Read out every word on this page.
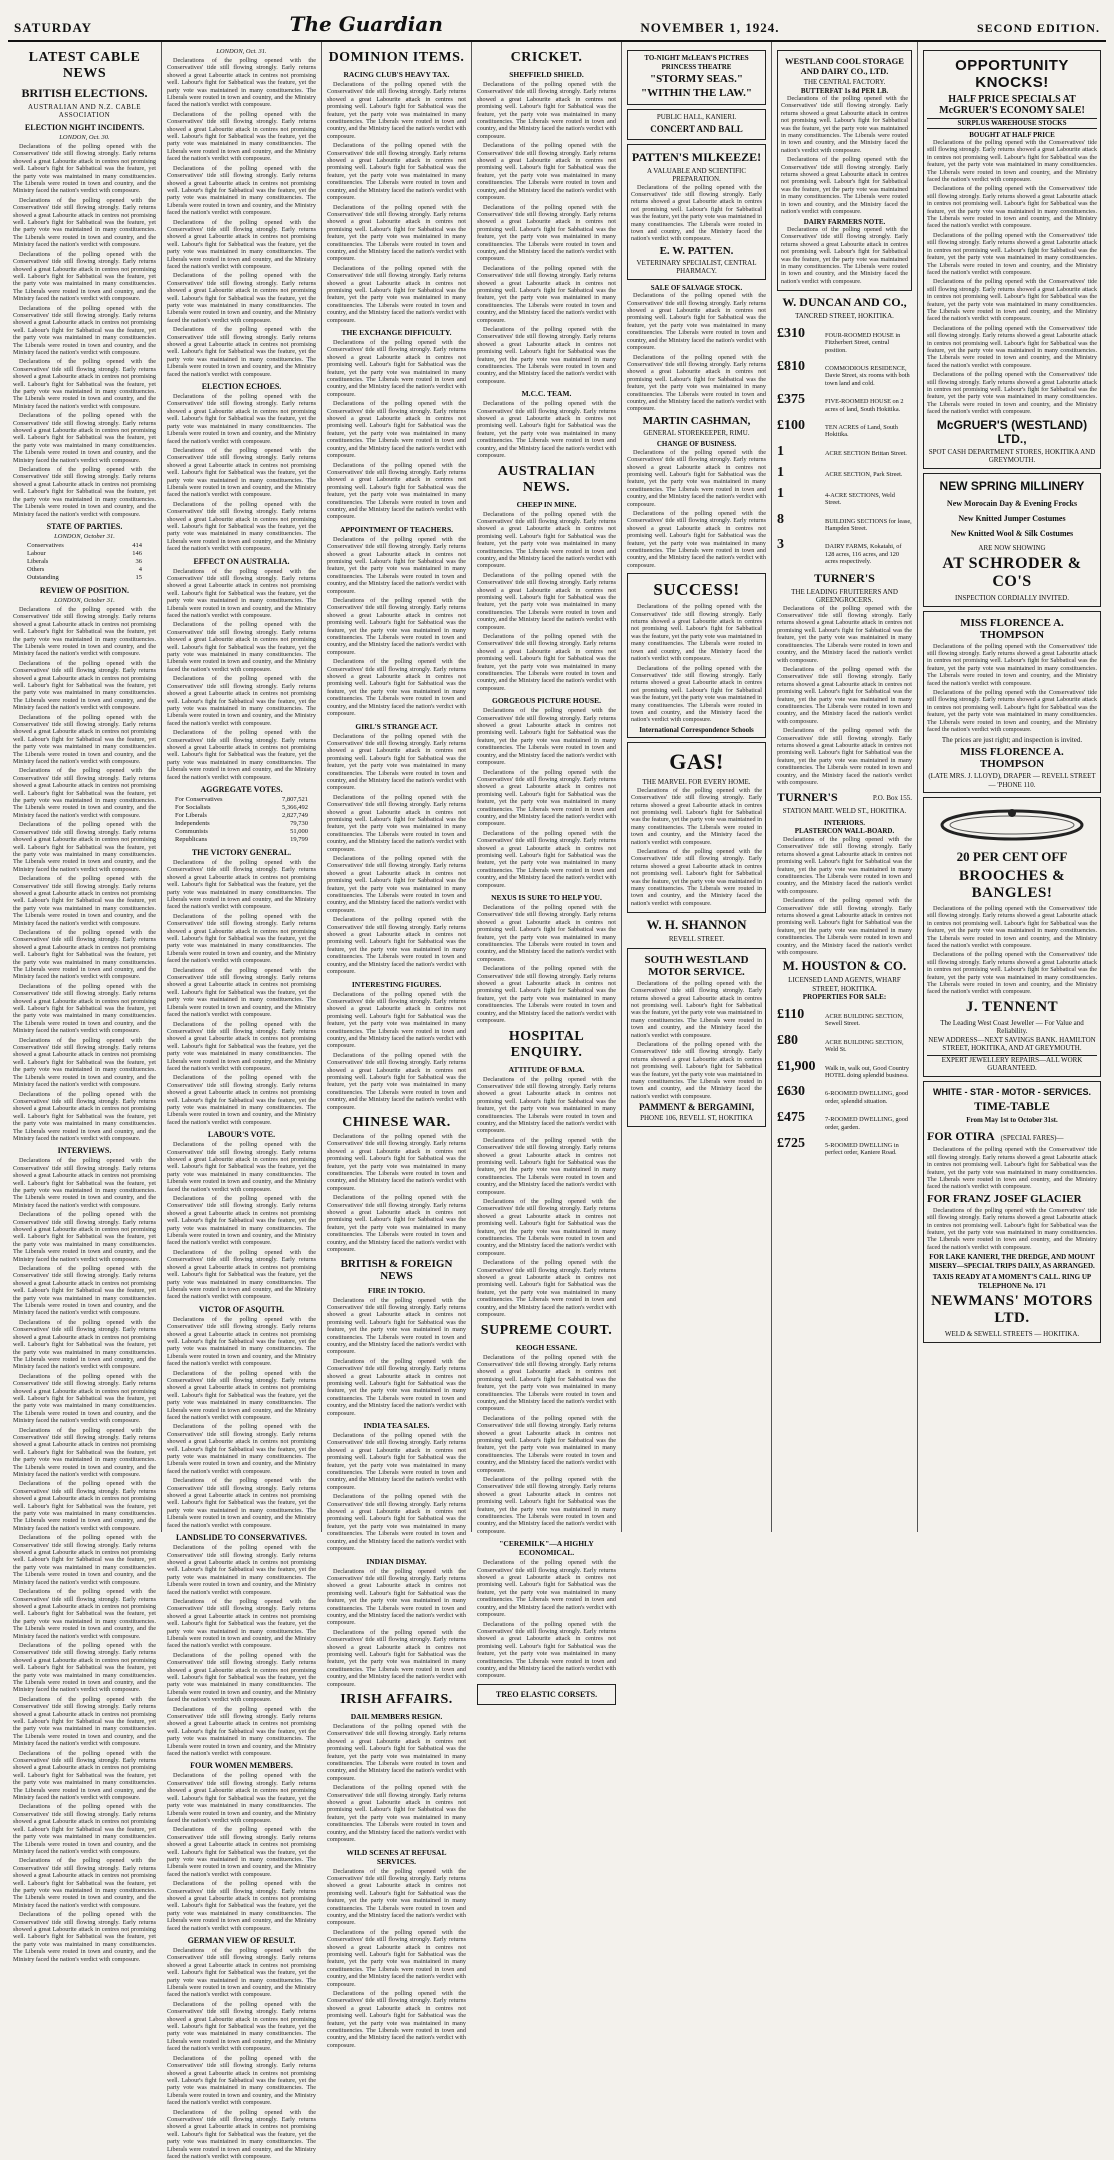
SATURDAY	The Guardian	NOVEMBER 1, 1924.	SECOND EDITION.
LATEST CABLE NEWS
BRITISH ELECTIONS.
AUSTRALIAN AND N.Z. CABLE ASSOCIATION
ELECTION NIGHT INCIDENTS.
LONDON, Oct. 30.

Declarations of the polling opened with the Conservatives' tide still flowing strongly. Early returns showed a great Labourite attack in centres not promising well. Labour's fight for Sabbatical was the feature, yet the party vote was maintained in many constituencies. The Liberals were routed in town and country, and the Ministry faced the nation's verdict with composure.

Declarations of the polling opened with the Conservatives' tide still flowing strongly. Early returns showed a great Labourite attack in centres not promising well. Labour's fight for Sabbatical was the feature, yet the party vote was maintained in many constituencies. The Liberals were routed in town and country, and the Ministry faced the nation's verdict with composure.

Declarations of the polling opened with the Conservatives' tide still flowing strongly. Early returns showed a great Labourite attack in centres not promising well. Labour's fight for Sabbatical was the feature, yet the party vote was maintained in many constituencies. The Liberals were routed in town and country, and the Ministry faced the nation's verdict with composure.

Declarations of the polling opened with the Conservatives' tide still flowing strongly. Early returns showed a great Labourite attack in centres not promising well. Labour's fight for Sabbatical was the feature, yet the party vote was maintained in many constituencies. The Liberals were routed in town and country, and the Ministry faced the nation's verdict with composure.

Declarations of the polling opened with the Conservatives' tide still flowing strongly. Early returns showed a great Labourite attack in centres not promising well. Labour's fight for Sabbatical was the feature, yet the party vote was maintained in many constituencies. The Liberals were routed in town and country, and the Ministry faced the nation's verdict with composure.

Declarations of the polling opened with the Conservatives' tide still flowing strongly. Early returns showed a great Labourite attack in centres not promising well. Labour's fight for Sabbatical was the feature, yet the party vote was maintained in many constituencies. The Liberals were routed in town and country, and the Ministry faced the nation's verdict with composure.

Declarations of the polling opened with the Conservatives' tide still flowing strongly. Early returns showed a great Labourite attack in centres not promising well. Labour's fight for Sabbatical was the feature, yet the party vote was maintained in many constituencies. The Liberals were routed in town and country, and the Ministry faced the nation's verdict with composure.

STATE OF PARTIES.
LONDON, October 31.
Conservatives	414
Labour	146
Liberals	36
Others	4
Outstanding	15
REVIEW OF POSITION.
LONDON, October 31.

Declarations of the polling opened with the Conservatives' tide still flowing strongly. Early returns showed a great Labourite attack in centres not promising well. Labour's fight for Sabbatical was the feature, yet the party vote was maintained in many constituencies. The Liberals were routed in town and country, and the Ministry faced the nation's verdict with composure.

Declarations of the polling opened with the Conservatives' tide still flowing strongly. Early returns showed a great Labourite attack in centres not promising well. Labour's fight for Sabbatical was the feature, yet the party vote was maintained in many constituencies. The Liberals were routed in town and country, and the Ministry faced the nation's verdict with composure.

Declarations of the polling opened with the Conservatives' tide still flowing strongly. Early returns showed a great Labourite attack in centres not promising well. Labour's fight for Sabbatical was the feature, yet the party vote was maintained in many constituencies. The Liberals were routed in town and country, and the Ministry faced the nation's verdict with composure.

Declarations of the polling opened with the Conservatives' tide still flowing strongly. Early returns showed a great Labourite attack in centres not promising well. Labour's fight for Sabbatical was the feature, yet the party vote was maintained in many constituencies. The Liberals were routed in town and country, and the Ministry faced the nation's verdict with composure.

Declarations of the polling opened with the Conservatives' tide still flowing strongly. Early returns showed a great Labourite attack in centres not promising well. Labour's fight for Sabbatical was the feature, yet the party vote was maintained in many constituencies. The Liberals were routed in town and country, and the Ministry faced the nation's verdict with composure.

Declarations of the polling opened with the Conservatives' tide still flowing strongly. Early returns showed a great Labourite attack in centres not promising well. Labour's fight for Sabbatical was the feature, yet the party vote was maintained in many constituencies. The Liberals were routed in town and country, and the Ministry faced the nation's verdict with composure.

Declarations of the polling opened with the Conservatives' tide still flowing strongly. Early returns showed a great Labourite attack in centres not promising well. Labour's fight for Sabbatical was the feature, yet the party vote was maintained in many constituencies. The Liberals were routed in town and country, and the Ministry faced the nation's verdict with composure.

Declarations of the polling opened with the Conservatives' tide still flowing strongly. Early returns showed a great Labourite attack in centres not promising well. Labour's fight for Sabbatical was the feature, yet the party vote was maintained in many constituencies. The Liberals were routed in town and country, and the Ministry faced the nation's verdict with composure.

Declarations of the polling opened with the Conservatives' tide still flowing strongly. Early returns showed a great Labourite attack in centres not promising well. Labour's fight for Sabbatical was the feature, yet the party vote was maintained in many constituencies. The Liberals were routed in town and country, and the Ministry faced the nation's verdict with composure.

Declarations of the polling opened with the Conservatives' tide still flowing strongly. Early returns showed a great Labourite attack in centres not promising well. Labour's fight for Sabbatical was the feature, yet the party vote was maintained in many constituencies. The Liberals were routed in town and country, and the Ministry faced the nation's verdict with composure.

INTERVIEWS.

Declarations of the polling opened with the Conservatives' tide still flowing strongly. Early returns showed a great Labourite attack in centres not promising well. Labour's fight for Sabbatical was the feature, yet the party vote was maintained in many constituencies. The Liberals were routed in town and country, and the Ministry faced the nation's verdict with composure.

Declarations of the polling opened with the Conservatives' tide still flowing strongly. Early returns showed a great Labourite attack in centres not promising well. Labour's fight for Sabbatical was the feature, yet the party vote was maintained in many constituencies. The Liberals were routed in town and country, and the Ministry faced the nation's verdict with composure.

Declarations of the polling opened with the Conservatives' tide still flowing strongly. Early returns showed a great Labourite attack in centres not promising well. Labour's fight for Sabbatical was the feature, yet the party vote was maintained in many constituencies. The Liberals were routed in town and country, and the Ministry faced the nation's verdict with composure.

Declarations of the polling opened with the Conservatives' tide still flowing strongly. Early returns showed a great Labourite attack in centres not promising well. Labour's fight for Sabbatical was the feature, yet the party vote was maintained in many constituencies. The Liberals were routed in town and country, and the Ministry faced the nation's verdict with composure.

Declarations of the polling opened with the Conservatives' tide still flowing strongly. Early returns showed a great Labourite attack in centres not promising well. Labour's fight for Sabbatical was the feature, yet the party vote was maintained in many constituencies. The Liberals were routed in town and country, and the Ministry faced the nation's verdict with composure.

Declarations of the polling opened with the Conservatives' tide still flowing strongly. Early returns showed a great Labourite attack in centres not promising well. Labour's fight for Sabbatical was the feature, yet the party vote was maintained in many constituencies. The Liberals were routed in town and country, and the Ministry faced the nation's verdict with composure.

Declarations of the polling opened with the Conservatives' tide still flowing strongly. Early returns showed a great Labourite attack in centres not promising well. Labour's fight for Sabbatical was the feature, yet the party vote was maintained in many constituencies. The Liberals were routed in town and country, and the Ministry faced the nation's verdict with composure.

Declarations of the polling opened with the Conservatives' tide still flowing strongly. Early returns showed a great Labourite attack in centres not promising well. Labour's fight for Sabbatical was the feature, yet the party vote was maintained in many constituencies. The Liberals were routed in town and country, and the Ministry faced the nation's verdict with composure.

Declarations of the polling opened with the Conservatives' tide still flowing strongly. Early returns showed a great Labourite attack in centres not promising well. Labour's fight for Sabbatical was the feature, yet the party vote was maintained in many constituencies. The Liberals were routed in town and country, and the Ministry faced the nation's verdict with composure.

Declarations of the polling opened with the Conservatives' tide still flowing strongly. Early returns showed a great Labourite attack in centres not promising well. Labour's fight for Sabbatical was the feature, yet the party vote was maintained in many constituencies. The Liberals were routed in town and country, and the Ministry faced the nation's verdict with composure.

Declarations of the polling opened with the Conservatives' tide still flowing strongly. Early returns showed a great Labourite attack in centres not promising well. Labour's fight for Sabbatical was the feature, yet the party vote was maintained in many constituencies. The Liberals were routed in town and country, and the Ministry faced the nation's verdict with composure.

Declarations of the polling opened with the Conservatives' tide still flowing strongly. Early returns showed a great Labourite attack in centres not promising well. Labour's fight for Sabbatical was the feature, yet the party vote was maintained in many constituencies. The Liberals were routed in town and country, and the Ministry faced the nation's verdict with composure.

Declarations of the polling opened with the Conservatives' tide still flowing strongly. Early returns showed a great Labourite attack in centres not promising well. Labour's fight for Sabbatical was the feature, yet the party vote was maintained in many constituencies. The Liberals were routed in town and country, and the Ministry faced the nation's verdict with composure.

Declarations of the polling opened with the Conservatives' tide still flowing strongly. Early returns showed a great Labourite attack in centres not promising well. Labour's fight for Sabbatical was the feature, yet the party vote was maintained in many constituencies. The Liberals were routed in town and country, and the Ministry faced the nation's verdict with composure.

Declarations of the polling opened with the Conservatives' tide still flowing strongly. Early returns showed a great Labourite attack in centres not promising well. Labour's fight for Sabbatical was the feature, yet the party vote was maintained in many constituencies. The Liberals were routed in town and country, and the Ministry faced the nation's verdict with composure.

LONDON, Oct. 31.

Declarations of the polling opened with the Conservatives' tide still flowing strongly. Early returns showed a great Labourite attack in centres not promising well. Labour's fight for Sabbatical was the feature, yet the party vote was maintained in many constituencies. The Liberals were routed in town and country, and the Ministry faced the nation's verdict with composure.

Declarations of the polling opened with the Conservatives' tide still flowing strongly. Early returns showed a great Labourite attack in centres not promising well. Labour's fight for Sabbatical was the feature, yet the party vote was maintained in many constituencies. The Liberals were routed in town and country, and the Ministry faced the nation's verdict with composure.

Declarations of the polling opened with the Conservatives' tide still flowing strongly. Early returns showed a great Labourite attack in centres not promising well. Labour's fight for Sabbatical was the feature, yet the party vote was maintained in many constituencies. The Liberals were routed in town and country, and the Ministry faced the nation's verdict with composure.

Declarations of the polling opened with the Conservatives' tide still flowing strongly. Early returns showed a great Labourite attack in centres not promising well. Labour's fight for Sabbatical was the feature, yet the party vote was maintained in many constituencies. The Liberals were routed in town and country, and the Ministry faced the nation's verdict with composure.

Declarations of the polling opened with the Conservatives' tide still flowing strongly. Early returns showed a great Labourite attack in centres not promising well. Labour's fight for Sabbatical was the feature, yet the party vote was maintained in many constituencies. The Liberals were routed in town and country, and the Ministry faced the nation's verdict with composure.

Declarations of the polling opened with the Conservatives' tide still flowing strongly. Early returns showed a great Labourite attack in centres not promising well. Labour's fight for Sabbatical was the feature, yet the party vote was maintained in many constituencies. The Liberals were routed in town and country, and the Ministry faced the nation's verdict with composure.

ELECTION ECHOES.

Declarations of the polling opened with the Conservatives' tide still flowing strongly. Early returns showed a great Labourite attack in centres not promising well. Labour's fight for Sabbatical was the feature, yet the party vote was maintained in many constituencies. The Liberals were routed in town and country, and the Ministry faced the nation's verdict with composure.

Declarations of the polling opened with the Conservatives' tide still flowing strongly. Early returns showed a great Labourite attack in centres not promising well. Labour's fight for Sabbatical was the feature, yet the party vote was maintained in many constituencies. The Liberals were routed in town and country, and the Ministry faced the nation's verdict with composure.

Declarations of the polling opened with the Conservatives' tide still flowing strongly. Early returns showed a great Labourite attack in centres not promising well. Labour's fight for Sabbatical was the feature, yet the party vote was maintained in many constituencies. The Liberals were routed in town and country, and the Ministry faced the nation's verdict with composure.

EFFECT ON AUSTRALIA.

Declarations of the polling opened with the Conservatives' tide still flowing strongly. Early returns showed a great Labourite attack in centres not promising well. Labour's fight for Sabbatical was the feature, yet the party vote was maintained in many constituencies. The Liberals were routed in town and country, and the Ministry faced the nation's verdict with composure.

Declarations of the polling opened with the Conservatives' tide still flowing strongly. Early returns showed a great Labourite attack in centres not promising well. Labour's fight for Sabbatical was the feature, yet the party vote was maintained in many constituencies. The Liberals were routed in town and country, and the Ministry faced the nation's verdict with composure.

Declarations of the polling opened with the Conservatives' tide still flowing strongly. Early returns showed a great Labourite attack in centres not promising well. Labour's fight for Sabbatical was the feature, yet the party vote was maintained in many constituencies. The Liberals were routed in town and country, and the Ministry faced the nation's verdict with composure.

Declarations of the polling opened with the Conservatives' tide still flowing strongly. Early returns showed a great Labourite attack in centres not promising well. Labour's fight for Sabbatical was the feature, yet the party vote was maintained in many constituencies. The Liberals were routed in town and country, and the Ministry faced the nation's verdict with composure.

AGGREGATE VOTES.
For Conservatives	7,807,521
For Socialists	5,366,492
For Liberals	2,827,749
Independents	79,730
Communists	51,000
Republicans	19,799
THE VICTORY GENERAL.

Declarations of the polling opened with the Conservatives' tide still flowing strongly. Early returns showed a great Labourite attack in centres not promising well. Labour's fight for Sabbatical was the feature, yet the party vote was maintained in many constituencies. The Liberals were routed in town and country, and the Ministry faced the nation's verdict with composure.

Declarations of the polling opened with the Conservatives' tide still flowing strongly. Early returns showed a great Labourite attack in centres not promising well. Labour's fight for Sabbatical was the feature, yet the party vote was maintained in many constituencies. The Liberals were routed in town and country, and the Ministry faced the nation's verdict with composure.

Declarations of the polling opened with the Conservatives' tide still flowing strongly. Early returns showed a great Labourite attack in centres not promising well. Labour's fight for Sabbatical was the feature, yet the party vote was maintained in many constituencies. The Liberals were routed in town and country, and the Ministry faced the nation's verdict with composure.

Declarations of the polling opened with the Conservatives' tide still flowing strongly. Early returns showed a great Labourite attack in centres not promising well. Labour's fight for Sabbatical was the feature, yet the party vote was maintained in many constituencies. The Liberals were routed in town and country, and the Ministry faced the nation's verdict with composure.

Declarations of the polling opened with the Conservatives' tide still flowing strongly. Early returns showed a great Labourite attack in centres not promising well. Labour's fight for Sabbatical was the feature, yet the party vote was maintained in many constituencies. The Liberals were routed in town and country, and the Ministry faced the nation's verdict with composure.

LABOUR'S VOTE.

Declarations of the polling opened with the Conservatives' tide still flowing strongly. Early returns showed a great Labourite attack in centres not promising well. Labour's fight for Sabbatical was the feature, yet the party vote was maintained in many constituencies. The Liberals were routed in town and country, and the Ministry faced the nation's verdict with composure.

Declarations of the polling opened with the Conservatives' tide still flowing strongly. Early returns showed a great Labourite attack in centres not promising well. Labour's fight for Sabbatical was the feature, yet the party vote was maintained in many constituencies. The Liberals were routed in town and country, and the Ministry faced the nation's verdict with composure.

Declarations of the polling opened with the Conservatives' tide still flowing strongly. Early returns showed a great Labourite attack in centres not promising well. Labour's fight for Sabbatical was the feature, yet the party vote was maintained in many constituencies. The Liberals were routed in town and country, and the Ministry faced the nation's verdict with composure.

VICTOR OF ASQUITH.

Declarations of the polling opened with the Conservatives' tide still flowing strongly. Early returns showed a great Labourite attack in centres not promising well. Labour's fight for Sabbatical was the feature, yet the party vote was maintained in many constituencies. The Liberals were routed in town and country, and the Ministry faced the nation's verdict with composure.

Declarations of the polling opened with the Conservatives' tide still flowing strongly. Early returns showed a great Labourite attack in centres not promising well. Labour's fight for Sabbatical was the feature, yet the party vote was maintained in many constituencies. The Liberals were routed in town and country, and the Ministry faced the nation's verdict with composure.

Declarations of the polling opened with the Conservatives' tide still flowing strongly. Early returns showed a great Labourite attack in centres not promising well. Labour's fight for Sabbatical was the feature, yet the party vote was maintained in many constituencies. The Liberals were routed in town and country, and the Ministry faced the nation's verdict with composure.

Declarations of the polling opened with the Conservatives' tide still flowing strongly. Early returns showed a great Labourite attack in centres not promising well. Labour's fight for Sabbatical was the feature, yet the party vote was maintained in many constituencies. The Liberals were routed in town and country, and the Ministry faced the nation's verdict with composure.

LANDSLIDE TO CONSERVATIVES.

Declarations of the polling opened with the Conservatives' tide still flowing strongly. Early returns showed a great Labourite attack in centres not promising well. Labour's fight for Sabbatical was the feature, yet the party vote was maintained in many constituencies. The Liberals were routed in town and country, and the Ministry faced the nation's verdict with composure.

Declarations of the polling opened with the Conservatives' tide still flowing strongly. Early returns showed a great Labourite attack in centres not promising well. Labour's fight for Sabbatical was the feature, yet the party vote was maintained in many constituencies. The Liberals were routed in town and country, and the Ministry faced the nation's verdict with composure.

Declarations of the polling opened with the Conservatives' tide still flowing strongly. Early returns showed a great Labourite attack in centres not promising well. Labour's fight for Sabbatical was the feature, yet the party vote was maintained in many constituencies. The Liberals were routed in town and country, and the Ministry faced the nation's verdict with composure.

Declarations of the polling opened with the Conservatives' tide still flowing strongly. Early returns showed a great Labourite attack in centres not promising well. Labour's fight for Sabbatical was the feature, yet the party vote was maintained in many constituencies. The Liberals were routed in town and country, and the Ministry faced the nation's verdict with composure.

FOUR WOMEN MEMBERS.

Declarations of the polling opened with the Conservatives' tide still flowing strongly. Early returns showed a great Labourite attack in centres not promising well. Labour's fight for Sabbatical was the feature, yet the party vote was maintained in many constituencies. The Liberals were routed in town and country, and the Ministry faced the nation's verdict with composure.

Declarations of the polling opened with the Conservatives' tide still flowing strongly. Early returns showed a great Labourite attack in centres not promising well. Labour's fight for Sabbatical was the feature, yet the party vote was maintained in many constituencies. The Liberals were routed in town and country, and the Ministry faced the nation's verdict with composure.

Declarations of the polling opened with the Conservatives' tide still flowing strongly. Early returns showed a great Labourite attack in centres not promising well. Labour's fight for Sabbatical was the feature, yet the party vote was maintained in many constituencies. The Liberals were routed in town and country, and the Ministry faced the nation's verdict with composure.

GERMAN VIEW OF RESULT.

Declarations of the polling opened with the Conservatives' tide still flowing strongly. Early returns showed a great Labourite attack in centres not promising well. Labour's fight for Sabbatical was the feature, yet the party vote was maintained in many constituencies. The Liberals were routed in town and country, and the Ministry faced the nation's verdict with composure.

Declarations of the polling opened with the Conservatives' tide still flowing strongly. Early returns showed a great Labourite attack in centres not promising well. Labour's fight for Sabbatical was the feature, yet the party vote was maintained in many constituencies. The Liberals were routed in town and country, and the Ministry faced the nation's verdict with composure.

Declarations of the polling opened with the Conservatives' tide still flowing strongly. Early returns showed a great Labourite attack in centres not promising well. Labour's fight for Sabbatical was the feature, yet the party vote was maintained in many constituencies. The Liberals were routed in town and country, and the Ministry faced the nation's verdict with composure.

Declarations of the polling opened with the Conservatives' tide still flowing strongly. Early returns showed a great Labourite attack in centres not promising well. Labour's fight for Sabbatical was the feature, yet the party vote was maintained in many constituencies. The Liberals were routed in town and country, and the Ministry faced the nation's verdict with composure.

DOMINION ITEMS.
RACING CLUB'S HEAVY TAX.

Declarations of the polling opened with the Conservatives' tide still flowing strongly. Early returns showed a great Labourite attack in centres not promising well. Labour's fight for Sabbatical was the feature, yet the party vote was maintained in many constituencies. The Liberals were routed in town and country, and the Ministry faced the nation's verdict with composure.

Declarations of the polling opened with the Conservatives' tide still flowing strongly. Early returns showed a great Labourite attack in centres not promising well. Labour's fight for Sabbatical was the feature, yet the party vote was maintained in many constituencies. The Liberals were routed in town and country, and the Ministry faced the nation's verdict with composure.

Declarations of the polling opened with the Conservatives' tide still flowing strongly. Early returns showed a great Labourite attack in centres not promising well. Labour's fight for Sabbatical was the feature, yet the party vote was maintained in many constituencies. The Liberals were routed in town and country, and the Ministry faced the nation's verdict with composure.

Declarations of the polling opened with the Conservatives' tide still flowing strongly. Early returns showed a great Labourite attack in centres not promising well. Labour's fight for Sabbatical was the feature, yet the party vote was maintained in many constituencies. The Liberals were routed in town and country, and the Ministry faced the nation's verdict with composure.

THE EXCHANGE DIFFICULTY.

Declarations of the polling opened with the Conservatives' tide still flowing strongly. Early returns showed a great Labourite attack in centres not promising well. Labour's fight for Sabbatical was the feature, yet the party vote was maintained in many constituencies. The Liberals were routed in town and country, and the Ministry faced the nation's verdict with composure.

Declarations of the polling opened with the Conservatives' tide still flowing strongly. Early returns showed a great Labourite attack in centres not promising well. Labour's fight for Sabbatical was the feature, yet the party vote was maintained in many constituencies. The Liberals were routed in town and country, and the Ministry faced the nation's verdict with composure.

Declarations of the polling opened with the Conservatives' tide still flowing strongly. Early returns showed a great Labourite attack in centres not promising well. Labour's fight for Sabbatical was the feature, yet the party vote was maintained in many constituencies. The Liberals were routed in town and country, and the Ministry faced the nation's verdict with composure.

APPOINTMENT OF TEACHERS.

Declarations of the polling opened with the Conservatives' tide still flowing strongly. Early returns showed a great Labourite attack in centres not promising well. Labour's fight for Sabbatical was the feature, yet the party vote was maintained in many constituencies. The Liberals were routed in town and country, and the Ministry faced the nation's verdict with composure.

Declarations of the polling opened with the Conservatives' tide still flowing strongly. Early returns showed a great Labourite attack in centres not promising well. Labour's fight for Sabbatical was the feature, yet the party vote was maintained in many constituencies. The Liberals were routed in town and country, and the Ministry faced the nation's verdict with composure.

Declarations of the polling opened with the Conservatives' tide still flowing strongly. Early returns showed a great Labourite attack in centres not promising well. Labour's fight for Sabbatical was the feature, yet the party vote was maintained in many constituencies. The Liberals were routed in town and country, and the Ministry faced the nation's verdict with composure.

GIRL'S STRANGE ACT.

Declarations of the polling opened with the Conservatives' tide still flowing strongly. Early returns showed a great Labourite attack in centres not promising well. Labour's fight for Sabbatical was the feature, yet the party vote was maintained in many constituencies. The Liberals were routed in town and country, and the Ministry faced the nation's verdict with composure.

Declarations of the polling opened with the Conservatives' tide still flowing strongly. Early returns showed a great Labourite attack in centres not promising well. Labour's fight for Sabbatical was the feature, yet the party vote was maintained in many constituencies. The Liberals were routed in town and country, and the Ministry faced the nation's verdict with composure.

Declarations of the polling opened with the Conservatives' tide still flowing strongly. Early returns showed a great Labourite attack in centres not promising well. Labour's fight for Sabbatical was the feature, yet the party vote was maintained in many constituencies. The Liberals were routed in town and country, and the Ministry faced the nation's verdict with composure.

Declarations of the polling opened with the Conservatives' tide still flowing strongly. Early returns showed a great Labourite attack in centres not promising well. Labour's fight for Sabbatical was the feature, yet the party vote was maintained in many constituencies. The Liberals were routed in town and country, and the Ministry faced the nation's verdict with composure.

INTERESTING FIGURES.

Declarations of the polling opened with the Conservatives' tide still flowing strongly. Early returns showed a great Labourite attack in centres not promising well. Labour's fight for Sabbatical was the feature, yet the party vote was maintained in many constituencies. The Liberals were routed in town and country, and the Ministry faced the nation's verdict with composure.

Declarations of the polling opened with the Conservatives' tide still flowing strongly. Early returns showed a great Labourite attack in centres not promising well. Labour's fight for Sabbatical was the feature, yet the party vote was maintained in many constituencies. The Liberals were routed in town and country, and the Ministry faced the nation's verdict with composure.

CHINESE WAR.

Declarations of the polling opened with the Conservatives' tide still flowing strongly. Early returns showed a great Labourite attack in centres not promising well. Labour's fight for Sabbatical was the feature, yet the party vote was maintained in many constituencies. The Liberals were routed in town and country, and the Ministry faced the nation's verdict with composure.

Declarations of the polling opened with the Conservatives' tide still flowing strongly. Early returns showed a great Labourite attack in centres not promising well. Labour's fight for Sabbatical was the feature, yet the party vote was maintained in many constituencies. The Liberals were routed in town and country, and the Ministry faced the nation's verdict with composure.

BRITISH & FOREIGN NEWS
FIRE IN TOKIO.

Declarations of the polling opened with the Conservatives' tide still flowing strongly. Early returns showed a great Labourite attack in centres not promising well. Labour's fight for Sabbatical was the feature, yet the party vote was maintained in many constituencies. The Liberals were routed in town and country, and the Ministry faced the nation's verdict with composure.

Declarations of the polling opened with the Conservatives' tide still flowing strongly. Early returns showed a great Labourite attack in centres not promising well. Labour's fight for Sabbatical was the feature, yet the party vote was maintained in many constituencies. The Liberals were routed in town and country, and the Ministry faced the nation's verdict with composure.

INDIA TEA SALES.

Declarations of the polling opened with the Conservatives' tide still flowing strongly. Early returns showed a great Labourite attack in centres not promising well. Labour's fight for Sabbatical was the feature, yet the party vote was maintained in many constituencies. The Liberals were routed in town and country, and the Ministry faced the nation's verdict with composure.

Declarations of the polling opened with the Conservatives' tide still flowing strongly. Early returns showed a great Labourite attack in centres not promising well. Labour's fight for Sabbatical was the feature, yet the party vote was maintained in many constituencies. The Liberals were routed in town and country, and the Ministry faced the nation's verdict with composure.

INDIAN DISMAY.

Declarations of the polling opened with the Conservatives' tide still flowing strongly. Early returns showed a great Labourite attack in centres not promising well. Labour's fight for Sabbatical was the feature, yet the party vote was maintained in many constituencies. The Liberals were routed in town and country, and the Ministry faced the nation's verdict with composure.

Declarations of the polling opened with the Conservatives' tide still flowing strongly. Early returns showed a great Labourite attack in centres not promising well. Labour's fight for Sabbatical was the feature, yet the party vote was maintained in many constituencies. The Liberals were routed in town and country, and the Ministry faced the nation's verdict with composure.

IRISH AFFAIRS.
DAIL MEMBERS RESIGN.

Declarations of the polling opened with the Conservatives' tide still flowing strongly. Early returns showed a great Labourite attack in centres not promising well. Labour's fight for Sabbatical was the feature, yet the party vote was maintained in many constituencies. The Liberals were routed in town and country, and the Ministry faced the nation's verdict with composure.

Declarations of the polling opened with the Conservatives' tide still flowing strongly. Early returns showed a great Labourite attack in centres not promising well. Labour's fight for Sabbatical was the feature, yet the party vote was maintained in many constituencies. The Liberals were routed in town and country, and the Ministry faced the nation's verdict with composure.

WILD SCENES AT REFUSAL SERVICES.

Declarations of the polling opened with the Conservatives' tide still flowing strongly. Early returns showed a great Labourite attack in centres not promising well. Labour's fight for Sabbatical was the feature, yet the party vote was maintained in many constituencies. The Liberals were routed in town and country, and the Ministry faced the nation's verdict with composure.

Declarations of the polling opened with the Conservatives' tide still flowing strongly. Early returns showed a great Labourite attack in centres not promising well. Labour's fight for Sabbatical was the feature, yet the party vote was maintained in many constituencies. The Liberals were routed in town and country, and the Ministry faced the nation's verdict with composure.

Declarations of the polling opened with the Conservatives' tide still flowing strongly. Early returns showed a great Labourite attack in centres not promising well. Labour's fight for Sabbatical was the feature, yet the party vote was maintained in many constituencies. The Liberals were routed in town and country, and the Ministry faced the nation's verdict with composure.

CRICKET.
SHEFFIELD SHIELD.

Declarations of the polling opened with the Conservatives' tide still flowing strongly. Early returns showed a great Labourite attack in centres not promising well. Labour's fight for Sabbatical was the feature, yet the party vote was maintained in many constituencies. The Liberals were routed in town and country, and the Ministry faced the nation's verdict with composure.

Declarations of the polling opened with the Conservatives' tide still flowing strongly. Early returns showed a great Labourite attack in centres not promising well. Labour's fight for Sabbatical was the feature, yet the party vote was maintained in many constituencies. The Liberals were routed in town and country, and the Ministry faced the nation's verdict with composure.

Declarations of the polling opened with the Conservatives' tide still flowing strongly. Early returns showed a great Labourite attack in centres not promising well. Labour's fight for Sabbatical was the feature, yet the party vote was maintained in many constituencies. The Liberals were routed in town and country, and the Ministry faced the nation's verdict with composure.

Declarations of the polling opened with the Conservatives' tide still flowing strongly. Early returns showed a great Labourite attack in centres not promising well. Labour's fight for Sabbatical was the feature, yet the party vote was maintained in many constituencies. The Liberals were routed in town and country, and the Ministry faced the nation's verdict with composure.

Declarations of the polling opened with the Conservatives' tide still flowing strongly. Early returns showed a great Labourite attack in centres not promising well. Labour's fight for Sabbatical was the feature, yet the party vote was maintained in many constituencies. The Liberals were routed in town and country, and the Ministry faced the nation's verdict with composure.

M.C.C. TEAM.

Declarations of the polling opened with the Conservatives' tide still flowing strongly. Early returns showed a great Labourite attack in centres not promising well. Labour's fight for Sabbatical was the feature, yet the party vote was maintained in many constituencies. The Liberals were routed in town and country, and the Ministry faced the nation's verdict with composure.

AUSTRALIAN NEWS.
CHEEP IN MINE.

Declarations of the polling opened with the Conservatives' tide still flowing strongly. Early returns showed a great Labourite attack in centres not promising well. Labour's fight for Sabbatical was the feature, yet the party vote was maintained in many constituencies. The Liberals were routed in town and country, and the Ministry faced the nation's verdict with composure.

Declarations of the polling opened with the Conservatives' tide still flowing strongly. Early returns showed a great Labourite attack in centres not promising well. Labour's fight for Sabbatical was the feature, yet the party vote was maintained in many constituencies. The Liberals were routed in town and country, and the Ministry faced the nation's verdict with composure.

Declarations of the polling opened with the Conservatives' tide still flowing strongly. Early returns showed a great Labourite attack in centres not promising well. Labour's fight for Sabbatical was the feature, yet the party vote was maintained in many constituencies. The Liberals were routed in town and country, and the Ministry faced the nation's verdict with composure.

GORGEOUS PICTURE HOUSE.

Declarations of the polling opened with the Conservatives' tide still flowing strongly. Early returns showed a great Labourite attack in centres not promising well. Labour's fight for Sabbatical was the feature, yet the party vote was maintained in many constituencies. The Liberals were routed in town and country, and the Ministry faced the nation's verdict with composure.

Declarations of the polling opened with the Conservatives' tide still flowing strongly. Early returns showed a great Labourite attack in centres not promising well. Labour's fight for Sabbatical was the feature, yet the party vote was maintained in many constituencies. The Liberals were routed in town and country, and the Ministry faced the nation's verdict with composure.

Declarations of the polling opened with the Conservatives' tide still flowing strongly. Early returns showed a great Labourite attack in centres not promising well. Labour's fight for Sabbatical was the feature, yet the party vote was maintained in many constituencies. The Liberals were routed in town and country, and the Ministry faced the nation's verdict with composure.

NEXUS IS SURE TO HELP YOU.

Declarations of the polling opened with the Conservatives' tide still flowing strongly. Early returns showed a great Labourite attack in centres not promising well. Labour's fight for Sabbatical was the feature, yet the party vote was maintained in many constituencies. The Liberals were routed in town and country, and the Ministry faced the nation's verdict with composure.

Declarations of the polling opened with the Conservatives' tide still flowing strongly. Early returns showed a great Labourite attack in centres not promising well. Labour's fight for Sabbatical was the feature, yet the party vote was maintained in many constituencies. The Liberals were routed in town and country, and the Ministry faced the nation's verdict with composure.

HOSPITAL ENQUIRY.
ATTITUDE OF B.M.A.

Declarations of the polling opened with the Conservatives' tide still flowing strongly. Early returns showed a great Labourite attack in centres not promising well. Labour's fight for Sabbatical was the feature, yet the party vote was maintained in many constituencies. The Liberals were routed in town and country, and the Ministry faced the nation's verdict with composure.

Declarations of the polling opened with the Conservatives' tide still flowing strongly. Early returns showed a great Labourite attack in centres not promising well. Labour's fight for Sabbatical was the feature, yet the party vote was maintained in many constituencies. The Liberals were routed in town and country, and the Ministry faced the nation's verdict with composure.

Declarations of the polling opened with the Conservatives' tide still flowing strongly. Early returns showed a great Labourite attack in centres not promising well. Labour's fight for Sabbatical was the feature, yet the party vote was maintained in many constituencies. The Liberals were routed in town and country, and the Ministry faced the nation's verdict with composure.

Declarations of the polling opened with the Conservatives' tide still flowing strongly. Early returns showed a great Labourite attack in centres not promising well. Labour's fight for Sabbatical was the feature, yet the party vote was maintained in many constituencies. The Liberals were routed in town and country, and the Ministry faced the nation's verdict with composure.

SUPREME COURT.
KEOGH ESSANE.

Declarations of the polling opened with the Conservatives' tide still flowing strongly. Early returns showed a great Labourite attack in centres not promising well. Labour's fight for Sabbatical was the feature, yet the party vote was maintained in many constituencies. The Liberals were routed in town and country, and the Ministry faced the nation's verdict with composure.

Declarations of the polling opened with the Conservatives' tide still flowing strongly. Early returns showed a great Labourite attack in centres not promising well. Labour's fight for Sabbatical was the feature, yet the party vote was maintained in many constituencies. The Liberals were routed in town and country, and the Ministry faced the nation's verdict with composure.

Declarations of the polling opened with the Conservatives' tide still flowing strongly. Early returns showed a great Labourite attack in centres not promising well. Labour's fight for Sabbatical was the feature, yet the party vote was maintained in many constituencies. The Liberals were routed in town and country, and the Ministry faced the nation's verdict with composure.

"CEREMILK"—A HIGHLY ECONOMICAL.

Declarations of the polling opened with the Conservatives' tide still flowing strongly. Early returns showed a great Labourite attack in centres not promising well. Labour's fight for Sabbatical was the feature, yet the party vote was maintained in many constituencies. The Liberals were routed in town and country, and the Ministry faced the nation's verdict with composure.

Declarations of the polling opened with the Conservatives' tide still flowing strongly. Early returns showed a great Labourite attack in centres not promising well. Labour's fight for Sabbatical was the feature, yet the party vote was maintained in many constituencies. The Liberals were routed in town and country, and the Ministry faced the nation's verdict with composure.

TREO ELASTIC CORSETS.
TO-NIGHT McLEAN'S PICTRES PRINCESS THEATRE
"STORMY SEAS."
"WITHIN THE LAW."
PUBLIC HALL, KANIERI.
CONCERT AND BALL
PATTEN'S MILKEEZE!
A VALUABLE AND SCIENTIFIC PREPARATION.

Declarations of the polling opened with the Conservatives' tide still flowing strongly. Early returns showed a great Labourite attack in centres not promising well. Labour's fight for Sabbatical was the feature, yet the party vote was maintained in many constituencies. The Liberals were routed in town and country, and the Ministry faced the nation's verdict with composure.

E. W. PATTEN.
VETERINARY SPECIALIST, CENTRAL PHARMACY.
SALE OF SALVAGE STOCK.

Declarations of the polling opened with the Conservatives' tide still flowing strongly. Early returns showed a great Labourite attack in centres not promising well. Labour's fight for Sabbatical was the feature, yet the party vote was maintained in many constituencies. The Liberals were routed in town and country, and the Ministry faced the nation's verdict with composure.

Declarations of the polling opened with the Conservatives' tide still flowing strongly. Early returns showed a great Labourite attack in centres not promising well. Labour's fight for Sabbatical was the feature, yet the party vote was maintained in many constituencies. The Liberals were routed in town and country, and the Ministry faced the nation's verdict with composure.

MARTIN CASHMAN,
GENERAL STOREKEEPER, RIMU.
CHANGE OF BUSINESS.

Declarations of the polling opened with the Conservatives' tide still flowing strongly. Early returns showed a great Labourite attack in centres not promising well. Labour's fight for Sabbatical was the feature, yet the party vote was maintained in many constituencies. The Liberals were routed in town and country, and the Ministry faced the nation's verdict with composure.

Declarations of the polling opened with the Conservatives' tide still flowing strongly. Early returns showed a great Labourite attack in centres not promising well. Labour's fight for Sabbatical was the feature, yet the party vote was maintained in many constituencies. The Liberals were routed in town and country, and the Ministry faced the nation's verdict with composure.

SUCCESS!

Declarations of the polling opened with the Conservatives' tide still flowing strongly. Early returns showed a great Labourite attack in centres not promising well. Labour's fight for Sabbatical was the feature, yet the party vote was maintained in many constituencies. The Liberals were routed in town and country, and the Ministry faced the nation's verdict with composure.

Declarations of the polling opened with the Conservatives' tide still flowing strongly. Early returns showed a great Labourite attack in centres not promising well. Labour's fight for Sabbatical was the feature, yet the party vote was maintained in many constituencies. The Liberals were routed in town and country, and the Ministry faced the nation's verdict with composure.

International Correspondence Schools
GAS!
THE MARVEL FOR EVERY HOME.

Declarations of the polling opened with the Conservatives' tide still flowing strongly. Early returns showed a great Labourite attack in centres not promising well. Labour's fight for Sabbatical was the feature, yet the party vote was maintained in many constituencies. The Liberals were routed in town and country, and the Ministry faced the nation's verdict with composure.

Declarations of the polling opened with the Conservatives' tide still flowing strongly. Early returns showed a great Labourite attack in centres not promising well. Labour's fight for Sabbatical was the feature, yet the party vote was maintained in many constituencies. The Liberals were routed in town and country, and the Ministry faced the nation's verdict with composure.

W. H. SHANNON
REVELL STREET.
SOUTH WESTLAND MOTOR SERVICE.

Declarations of the polling opened with the Conservatives' tide still flowing strongly. Early returns showed a great Labourite attack in centres not promising well. Labour's fight for Sabbatical was the feature, yet the party vote was maintained in many constituencies. The Liberals were routed in town and country, and the Ministry faced the nation's verdict with composure.

Declarations of the polling opened with the Conservatives' tide still flowing strongly. Early returns showed a great Labourite attack in centres not promising well. Labour's fight for Sabbatical was the feature, yet the party vote was maintained in many constituencies. The Liberals were routed in town and country, and the Ministry faced the nation's verdict with composure.

PAMMENT & BERGAMINI,
PHONE 106, REVELL ST, HOKITIKA
WESTLAND COOL STORAGE AND DAIRY CO., LTD.
THE CENTRAL FACTORY.
BUTTERFAT 1s 8d PER LB.

Declarations of the polling opened with the Conservatives' tide still flowing strongly. Early returns showed a great Labourite attack in centres not promising well. Labour's fight for Sabbatical was the feature, yet the party vote was maintained in many constituencies. The Liberals were routed in town and country, and the Ministry faced the nation's verdict with composure.

Declarations of the polling opened with the Conservatives' tide still flowing strongly. Early returns showed a great Labourite attack in centres not promising well. Labour's fight for Sabbatical was the feature, yet the party vote was maintained in many constituencies. The Liberals were routed in town and country, and the Ministry faced the nation's verdict with composure.

DAIRY FARMERS NOTE.

Declarations of the polling opened with the Conservatives' tide still flowing strongly. Early returns showed a great Labourite attack in centres not promising well. Labour's fight for Sabbatical was the feature, yet the party vote was maintained in many constituencies. The Liberals were routed in town and country, and the Ministry faced the nation's verdict with composure.

W. DUNCAN AND CO.,
TANCRED STREET, HOKITIKA.
£310	FOUR-ROOMED HOUSE in Fitzherbert Street, central position.
£810	COMMODIOUS RESIDENCE, Davie Street, six rooms with both town land and cold.
£375	FIVE-ROOMED HOUSE on 2 acres of land, South Hokitika.
£100	TEN ACRES of Land, South Hokitika.
1	ACRE SECTION Brittan Street.
1	ACRE SECTION, Park Street.
1	4-ACRE SECTIONS, Weld Street.
8	BUILDING SECTIONS for lease, Hampden Street.
3	DAIRY FARMS, Kokatahi, of 128 acres, 116 acres, and 120 acres respectively.
TURNER'S
THE LEADING FRUITERERS AND GREENGROCERS.

Declarations of the polling opened with the Conservatives' tide still flowing strongly. Early returns showed a great Labourite attack in centres not promising well. Labour's fight for Sabbatical was the feature, yet the party vote was maintained in many constituencies. The Liberals were routed in town and country, and the Ministry faced the nation's verdict with composure.

Declarations of the polling opened with the Conservatives' tide still flowing strongly. Early returns showed a great Labourite attack in centres not promising well. Labour's fight for Sabbatical was the feature, yet the party vote was maintained in many constituencies. The Liberals were routed in town and country, and the Ministry faced the nation's verdict with composure.

Declarations of the polling opened with the Conservatives' tide still flowing strongly. Early returns showed a great Labourite attack in centres not promising well. Labour's fight for Sabbatical was the feature, yet the party vote was maintained in many constituencies. The Liberals were routed in town and country, and the Ministry faced the nation's verdict with composure.

TURNER'S	P.O. Box 155.
STATION MART. WELD ST., HOKITIKA.
INTERIORS.
PLASTERCON WALL-BOARD.

Declarations of the polling opened with the Conservatives' tide still flowing strongly. Early returns showed a great Labourite attack in centres not promising well. Labour's fight for Sabbatical was the feature, yet the party vote was maintained in many constituencies. The Liberals were routed in town and country, and the Ministry faced the nation's verdict with composure.

Declarations of the polling opened with the Conservatives' tide still flowing strongly. Early returns showed a great Labourite attack in centres not promising well. Labour's fight for Sabbatical was the feature, yet the party vote was maintained in many constituencies. The Liberals were routed in town and country, and the Ministry faced the nation's verdict with composure.

M. HOUSTON & CO.
LICENSED LAND AGENTS, WHARF STREET, HOKITIKA.
PROPERTIES FOR SALE:
£110	ACRE BUILDING SECTION, Sewell Street.
£80	ACRE BUILDING SECTION, Weld St.
£1,900	Walk in, walk out, Good Country HOTEL doing splendid business.
£630	6-ROOMED DWELLING, good order, splendid situation.
£475	7-ROOMED DWELLING, good order, garden.
£725	5-ROOMED DWELLING in perfect order, Kaniere Road.
OPPORTUNITY KNOCKS!
HALF PRICE SPECIALS AT McGRUER'S ECONOMY SALE!
SURPLUS WAREHOUSE STOCKS
BOUGHT AT HALF PRICE

Declarations of the polling opened with the Conservatives' tide still flowing strongly. Early returns showed a great Labourite attack in centres not promising well. Labour's fight for Sabbatical was the feature, yet the party vote was maintained in many constituencies. The Liberals were routed in town and country, and the Ministry faced the nation's verdict with composure.

Declarations of the polling opened with the Conservatives' tide still flowing strongly. Early returns showed a great Labourite attack in centres not promising well. Labour's fight for Sabbatical was the feature, yet the party vote was maintained in many constituencies. The Liberals were routed in town and country, and the Ministry faced the nation's verdict with composure.

Declarations of the polling opened with the Conservatives' tide still flowing strongly. Early returns showed a great Labourite attack in centres not promising well. Labour's fight for Sabbatical was the feature, yet the party vote was maintained in many constituencies. The Liberals were routed in town and country, and the Ministry faced the nation's verdict with composure.

Declarations of the polling opened with the Conservatives' tide still flowing strongly. Early returns showed a great Labourite attack in centres not promising well. Labour's fight for Sabbatical was the feature, yet the party vote was maintained in many constituencies. The Liberals were routed in town and country, and the Ministry faced the nation's verdict with composure.

Declarations of the polling opened with the Conservatives' tide still flowing strongly. Early returns showed a great Labourite attack in centres not promising well. Labour's fight for Sabbatical was the feature, yet the party vote was maintained in many constituencies. The Liberals were routed in town and country, and the Ministry faced the nation's verdict with composure.

Declarations of the polling opened with the Conservatives' tide still flowing strongly. Early returns showed a great Labourite attack in centres not promising well. Labour's fight for Sabbatical was the feature, yet the party vote was maintained in many constituencies. The Liberals were routed in town and country, and the Ministry faced the nation's verdict with composure.

McGRUER'S (WESTLAND) LTD.,
SPOT CASH DEPARTMENT STORES, HOKITIKA AND GREYMOUTH.
NEW SPRING MILLINERY
New Morocain Day & Evening Frocks
New Knitted Jumper Costumes
New Knitted Wool & Silk Costumes
ARE NOW SHOWING
AT SCHRODER & CO'S
INSPECTION CORDIALLY INVITED.
MISS FLORENCE A. THOMPSON

Declarations of the polling opened with the Conservatives' tide still flowing strongly. Early returns showed a great Labourite attack in centres not promising well. Labour's fight for Sabbatical was the feature, yet the party vote was maintained in many constituencies. The Liberals were routed in town and country, and the Ministry faced the nation's verdict with composure.

Declarations of the polling opened with the Conservatives' tide still flowing strongly. Early returns showed a great Labourite attack in centres not promising well. Labour's fight for Sabbatical was the feature, yet the party vote was maintained in many constituencies. The Liberals were routed in town and country, and the Ministry faced the nation's verdict with composure.

The prices are just right; and inspection is invited.
MISS FLORENCE A. THOMPSON
(LATE MRS. J. LLOYD), DRAPER — REVELL STREET — 'PHONE 110.
20 PER CENT OFF
BROOCHES & BANGLES!

Declarations of the polling opened with the Conservatives' tide still flowing strongly. Early returns showed a great Labourite attack in centres not promising well. Labour's fight for Sabbatical was the feature, yet the party vote was maintained in many constituencies. The Liberals were routed in town and country, and the Ministry faced the nation's verdict with composure.

Declarations of the polling opened with the Conservatives' tide still flowing strongly. Early returns showed a great Labourite attack in centres not promising well. Labour's fight for Sabbatical was the feature, yet the party vote was maintained in many constituencies. The Liberals were routed in town and country, and the Ministry faced the nation's verdict with composure.

J. TENNENT
The Leading West Coast Jeweller — For Value and Reliability.
NEW ADDRESS—NEXT SAVINGS BANK. HAMILTON STREET, HOKITIKA, AND AT GREYMOUTH.
EXPERT JEWELLERY REPAIRS—ALL WORK GUARANTEED.
WHITE - STAR - MOTOR - SERVICES.
TIME-TABLE
From May 1st to October 31st.
FOR OTIRA (SPECIAL FARES)—

Declarations of the polling opened with the Conservatives' tide still flowing strongly. Early returns showed a great Labourite attack in centres not promising well. Labour's fight for Sabbatical was the feature, yet the party vote was maintained in many constituencies. The Liberals were routed in town and country, and the Ministry faced the nation's verdict with composure.

FOR FRANZ JOSEF GLACIER

Declarations of the polling opened with the Conservatives' tide still flowing strongly. Early returns showed a great Labourite attack in centres not promising well. Labour's fight for Sabbatical was the feature, yet the party vote was maintained in many constituencies. The Liberals were routed in town and country, and the Ministry faced the nation's verdict with composure.

FOR LAKE KANIERI, THE DREDGE, AND MOUNT MISERY—SPECIAL TRIPS DAILY, AS ARRANGED.
TAXIS READY AT A MOMENT'S CALL. RING UP TELEPHONE No. 171
NEWMANS' MOTORS LTD.
WELD & SEWELL STREETS — HOKITIKA.
